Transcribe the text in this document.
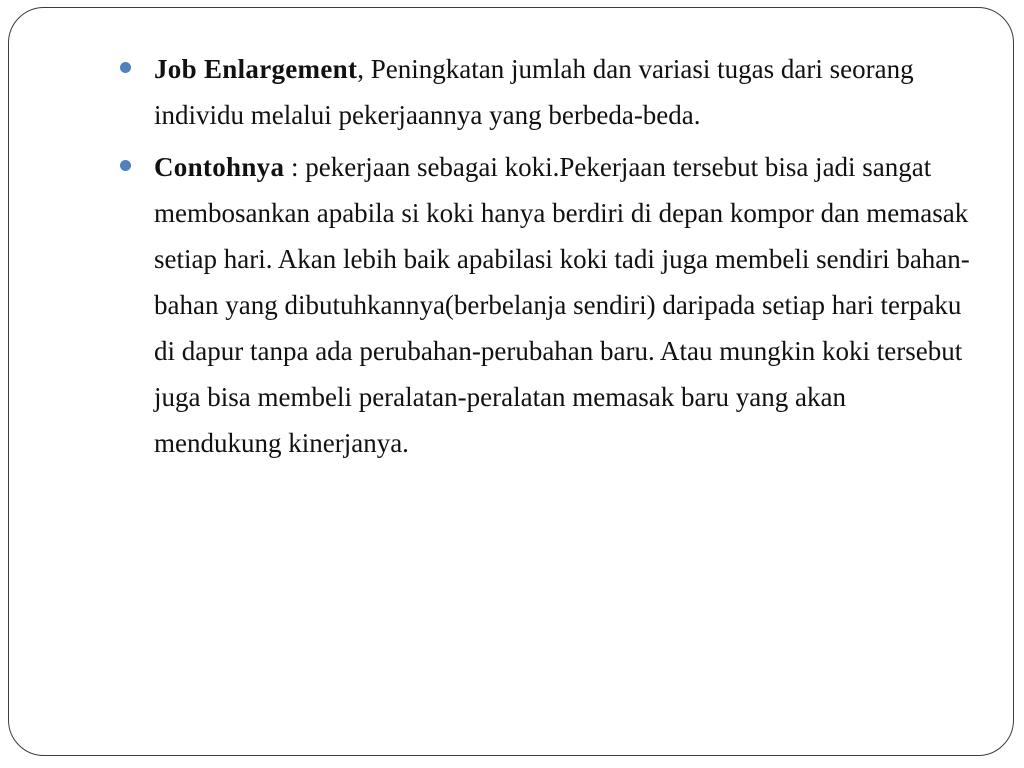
Job Enlargement, Peningkatan jumlah dan variasi tugas dari seorang individu melalui pekerjaannya yang berbeda-beda.
Contohnya : pekerjaan sebagai koki.Pekerjaan tersebut bisa jadi sangat membosankan apabila si koki hanya berdiri di depan kompor dan memasak setiap hari. Akan lebih baik apabilasi koki tadi juga membeli sendiri bahan-bahan yang dibutuhkannya(berbelanja sendiri) daripada setiap hari terpaku di dapur tanpa ada perubahan-perubahan baru. Atau mungkin koki tersebut juga bisa membeli peralatan-peralatan memasak baru yang akan mendukung kinerjanya.
